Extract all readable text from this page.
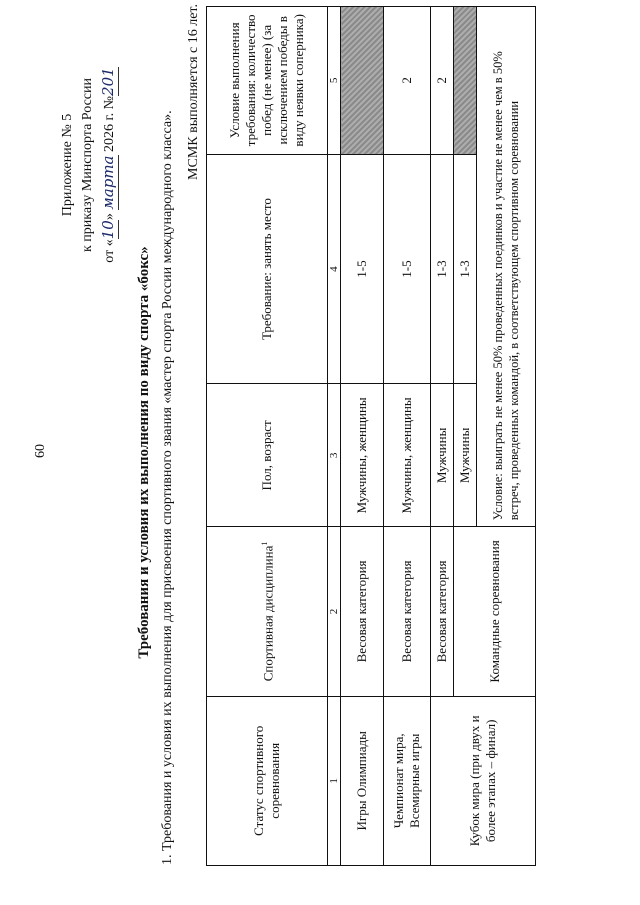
60
Приложение № 5 к приказу Минспорта России от «10» марта 2026 г. №201
Требования и условия их выполнения по виду спорта «бокс» 1. Требования и условия их выполнения для присвоения спортивного звания «мастер спорта России международного класса».
МСМК выполняется с 16 лет.
Статус спортивного соревнования	Спортивная дисциплина$^1$	Пол, возраст	Требование: занять место	Условие выполнения требования: количество побед (не менее) (за исключением победы в виду неявки соперника)
1	2	3	4	5
Игры Олимпиады	Весовая категория	Мужчины, женщины	1-5	
Чемпионат мира, Всемирные игры	Весовая категория	Мужчины, женщины	1-5	2
Кубок мира (при двух и более этапах – финал)	Весовая категория	Мужчины	1-3	2
	Командные соревнования	Мужчины	1-3	
		Условие: выиграть не менее 50% проведенных поединков и участие не менее чем в 50% встреч, проведенных командой, в соответствующем спортивном соревновании		
